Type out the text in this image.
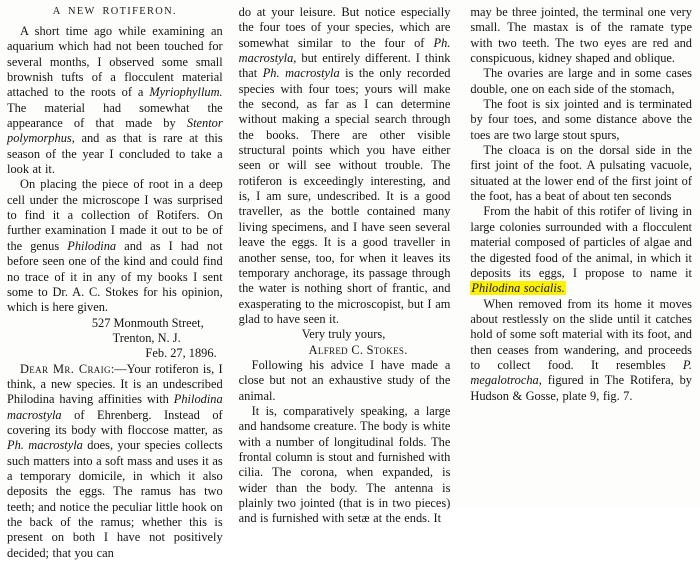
A NEW ROTIFERON.

A short time ago while examining an aquarium which had not been touched for several months, I observed some small brownish tufts of a flocculent material attached to the roots of a Myriophyllum. The material had somewhat the appearance of that made by Stentor polymorphus, and as that is rare at this season of the year I concluded to take a look at it.

On placing the piece of root in a deep cell under the microscope I was surprised to find it a collection of Rotifers. On further examination I made it out to be of the genus Philodina and as I had not before seen one of the kind and could find no trace of it in any of my books I sent some to Dr. A. C. Stokes for his opinion, which is here given.

527 Monmouth Street,
Trenton, N. J.
Feb. 27, 1896.

Dear Mr. Craig:—Your rotiferon is, I think, a new species. It is an undescribed Philodina having affinities with Philodina macrostyla of Ehrenberg. Instead of covering its body with floccose matter, as Ph. macrostyla does, your species collects such matters into a soft mass and uses it as a temporary domicile, in which it also deposits the eggs. The ramus has two teeth; and notice the peculiar little hook on the back of the ramus; whether this is present on both I have not positively decided; that you can

do at your leisure. But notice especially the four toes of your species, which are somewhat similar to the four of Ph. macrostyla, but entirely different. I think that Ph. macrostyla is the only recorded species with four toes; yours will make the second, as far as I can determine without making a special search through the books. There are other visible structural points which you have either seen or will see without trouble. The rotiferon is exceedingly interesting, and is, I am sure, undescribed. It is a good traveller, as the bottle contained many living specimens, and I have seen several leave the eggs. It is a good traveller in another sense, too, for when it leaves its temporary anchorage, its passage through the water is nothing short of frantic, and exasperating to the microscopist, but I am glad to have seen it.

Very truly yours,
Alfred C. Stokes.

Following his advice I have made a close but not an exhaustive study of the animal.

It is, comparatively speaking, a large and handsome creature. The body is white with a number of longitudinal folds. The frontal column is stout and furnished with cilia. The corona, when expanded, is wider than the body. The antenna is plainly two jointed (that is in two pieces) and is furnished with setæ at the ends. It

may be three jointed, the terminal one very small. The mastax is of the ramate type with two teeth. The two eyes are red and conspicuous, kidney shaped and oblique.

The ovaries are large and in some cases double, one on each side of the stomach,

The foot is six jointed and is terminated by four toes, and some distance above the toes are two large stout spurs,

The cloaca is on the dorsal side in the first joint of the foot. A pulsating vacuole, situated at the lower end of the first joint of the foot, has a beat of about ten seconds

From the habit of this rotifer of living in large colonies surrounded with a flocculent material composed of particles of algae and the digested food of the animal, in which it deposits its eggs, I propose to name it Philodina socialis.

When removed from its home it moves about restlessly on the slide until it catches hold of some soft material with its foot, and then ceases from wandering, and proceeds to collect food. It resembles P. megalotrocha, figured in The Rotifera, by Hudson & Gosse, plate 9, fig. 7.
